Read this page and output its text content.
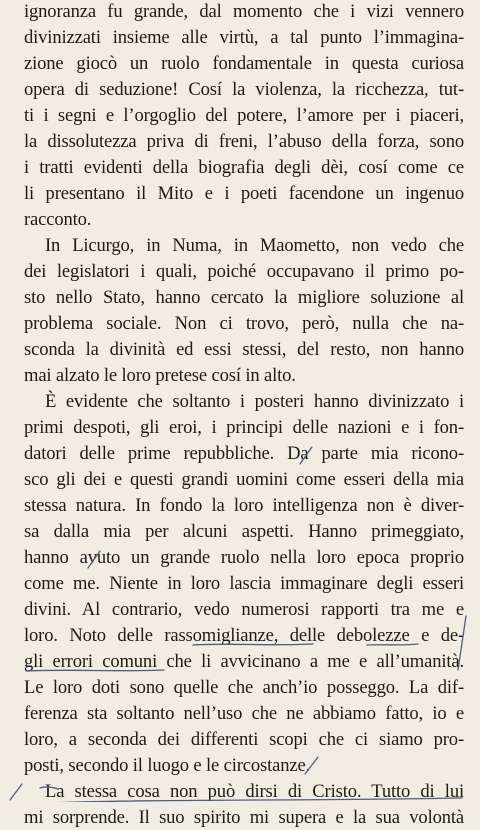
ignoranza fu grande, dal momento che i vizi vennero
divinizzati insieme alle virtù, a tal punto l’immagina-
zione giocò un ruolo fondamentale in questa curiosa
opera di seduzione! Cosí la violenza, la ricchezza, tut-
ti i segni e l’orgoglio del potere, l’amore per i piaceri,
la dissolutezza priva di freni, l’abuso della forza, sono
i tratti evidenti della biografia degli dèi, cosí come ce
li presentano il Mito e i poeti facendone un ingenuo
racconto.
In Licurgo, in Numa, in Maometto, non vedo che
dei legislatori i quali, poiché occupavano il primo po-
sto nello Stato, hanno cercato la migliore soluzione al
problema sociale. Non ci trovo, però, nulla che na-
sconda la divinità ed essi stessi, del resto, non hanno
mai alzato le loro pretese cosí in alto.
È evidente che soltanto i posteri hanno divinizzato i
primi despoti, gli eroi, i principi delle nazioni e i fon-
datori delle prime repubbliche. Da parte mia ricono-
sco gli dei e questi grandi uomini come esseri della mia
stessa natura. In fondo la loro intelligenza non è diver-
sa dalla mia per alcuni aspetti. Hanno primeggiato,
hanno avuto un grande ruolo nella loro epoca proprio
come me. Niente in loro lascia immaginare degli esseri
divini. Al contrario, vedo numerosi rapporti tra me e
loro. Noto delle rassomiglianze, delle debolezze e de-
gli errori comuni che li avvicinano a me e all’umanità.
Le loro doti sono quelle che anch’io posseggo. La dif-
ferenza sta soltanto nell’uso che ne abbiamo fatto, io e
loro, a seconda dei differenti scopi che ci siamo pro-
posti, secondo il luogo e le circostanze.
La stessa cosa non può dirsi di Cristo. Tutto di lui
mi sorprende. Il suo spirito mi supera e la sua volontà
